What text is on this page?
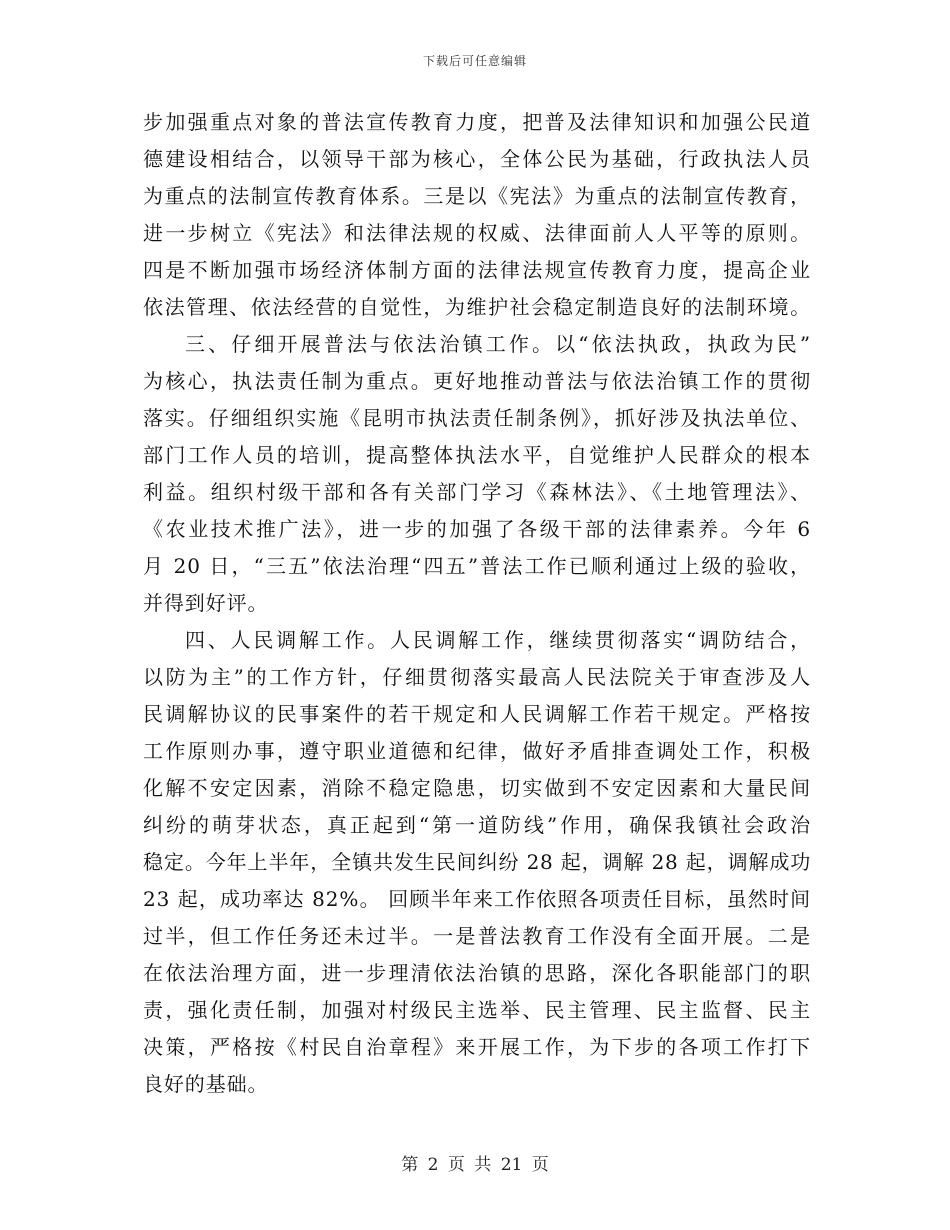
下载后可任意编辑
步加强重点对象的普法宣传教育力度，把普及法律知识和加强公民道
德建设相结合，以领导干部为核心，全体公民为基础，行政执法人员
为重点的法制宣传教育体系。三是以《宪法》为重点的法制宣传教育，
进一步树立《宪法》和法律法规的权威、法律面前人人平等的原则。
四是不断加强市场经济体制方面的法律法规宣传教育力度，提高企业
依法管理、依法经营的自觉性，为维护社会稳定制造良好的法制环境。
三、仔细开展普法与依法治镇工作。以“依法执政，执政为民”
为核心，执法责任制为重点。更好地推动普法与依法治镇工作的贯彻
落实。仔细组织实施《昆明市执法责任制条例》，抓好涉及执法单位、
部门工作人员的培训，提高整体执法水平，自觉维护人民群众的根本
利益。组织村级干部和各有关部门学习《森林法》、《土地管理法》、
《农业技术推广法》，进一步的加强了各级干部的法律素养。今年 6
月 20 日，“三五”依法治理“四五”普法工作已顺利通过上级的验收，
并得到好评。
四、人民调解工作。人民调解工作，继续贯彻落实“调防结合，
以防为主”的工作方针，仔细贯彻落实最高人民法院关于审查涉及人
民调解协议的民事案件的若干规定和人民调解工作若干规定。严格按
工作原则办事，遵守职业道德和纪律，做好矛盾排查调处工作，积极
化解不安定因素，消除不稳定隐患，切实做到不安定因素和大量民间
纠纷的萌芽状态，真正起到“第一道防线”作用，确保我镇社会政治
稳定。今年上半年，全镇共发生民间纠纷 28 起，调解 28 起，调解成功
23 起，成功率达 82%。 回顾半年来工作依照各项责任目标，虽然时间
过半，但工作任务还未过半。一是普法教育工作没有全面开展。二是
在依法治理方面，进一步理清依法治镇的思路，深化各职能部门的职
责，强化责任制，加强对村级民主选举、民主管理、民主监督、民主
决策，严格按《村民自治章程》来开展工作，为下步的各项工作打下
良好的基础。
第 2 页 共 21 页
